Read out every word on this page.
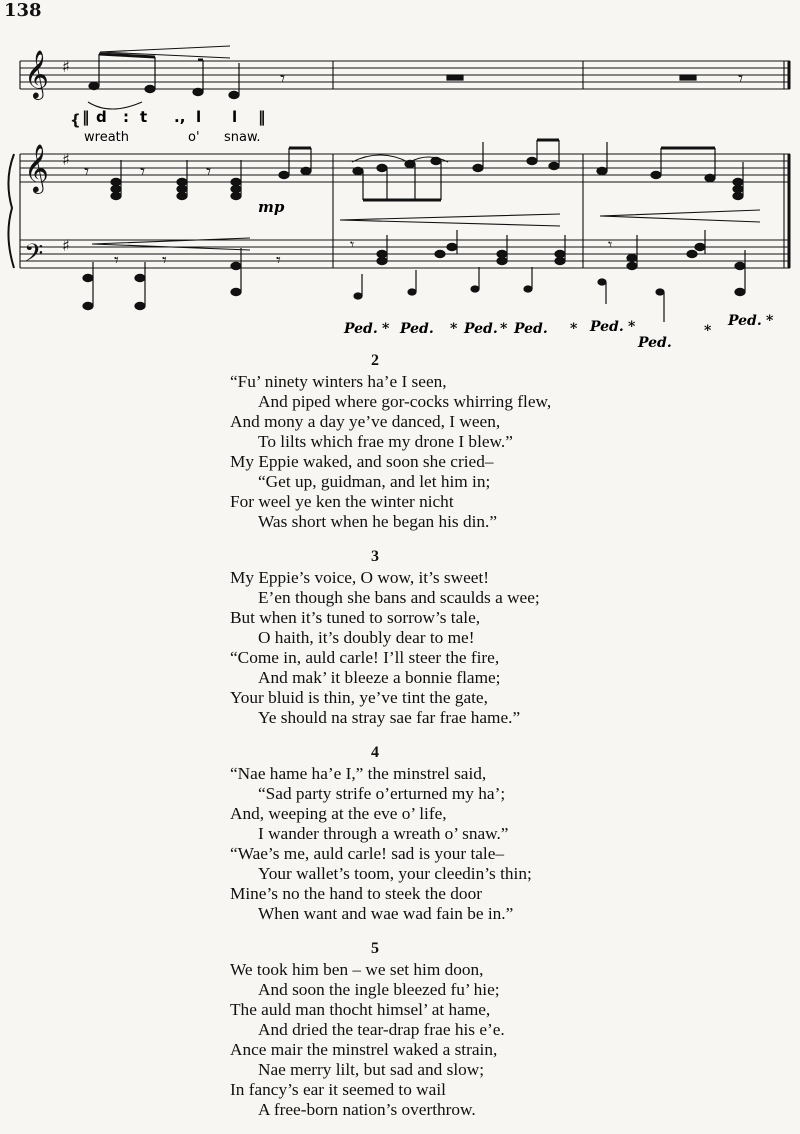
138
𝄞
𝄞
𝄢
♯
♯
♯
𝄾	𝄾
{ ‖ d : t ., l l ‖
wreath	o' snaw.
𝄾	𝄾
𝄾
mp
𝄾
𝄾	𝄾
𝄾	𝄾
Ped. * Ped. * Ped. * Ped. * Ped. *
Ped.
*
Ped. *
2
“Fu’ ninety winters ha’e I seen,
And piped where gor-cocks whirring flew,
And mony a day ye’ve danced, I ween,
To lilts which frae my drone I blew.”
My Eppie waked, and soon she cried–
“Get up, guidman, and let him in;
For weel ye ken the winter nicht
Was short when he began his din.”
3
My Eppie’s voice, O wow, it’s sweet!
E’en though she bans and scaulds a wee;
But when it’s tuned to sorrow’s tale,
O haith, it’s doubly dear to me!
“Come in, auld carle! I’ll steer the fire,
And mak’ it bleeze a bonnie flame;
Your bluid is thin, ye’ve tint the gate,
Ye should na stray sae far frae hame.”
4
“Nae hame ha’e I,” the minstrel said,
“Sad party strife o’erturned my ha’;
And, weeping at the eve o’ life,
I wander through a wreath o’ snaw.”
“Wae’s me, auld carle! sad is your tale–
Your wallet’s toom, your cleedin’s thin;
Mine’s no the hand to steek the door
When want and wae wad fain be in.”
5
We took him ben – we set him doon,
And soon the ingle bleezed fu’ hie;
The auld man thocht himsel’ at hame,
And dried the tear-drap frae his e’e.
Ance mair the minstrel waked a strain,
Nae merry lilt, but sad and slow;
In fancy’s ear it seemed to wail
A free-born nation’s overthrow.
